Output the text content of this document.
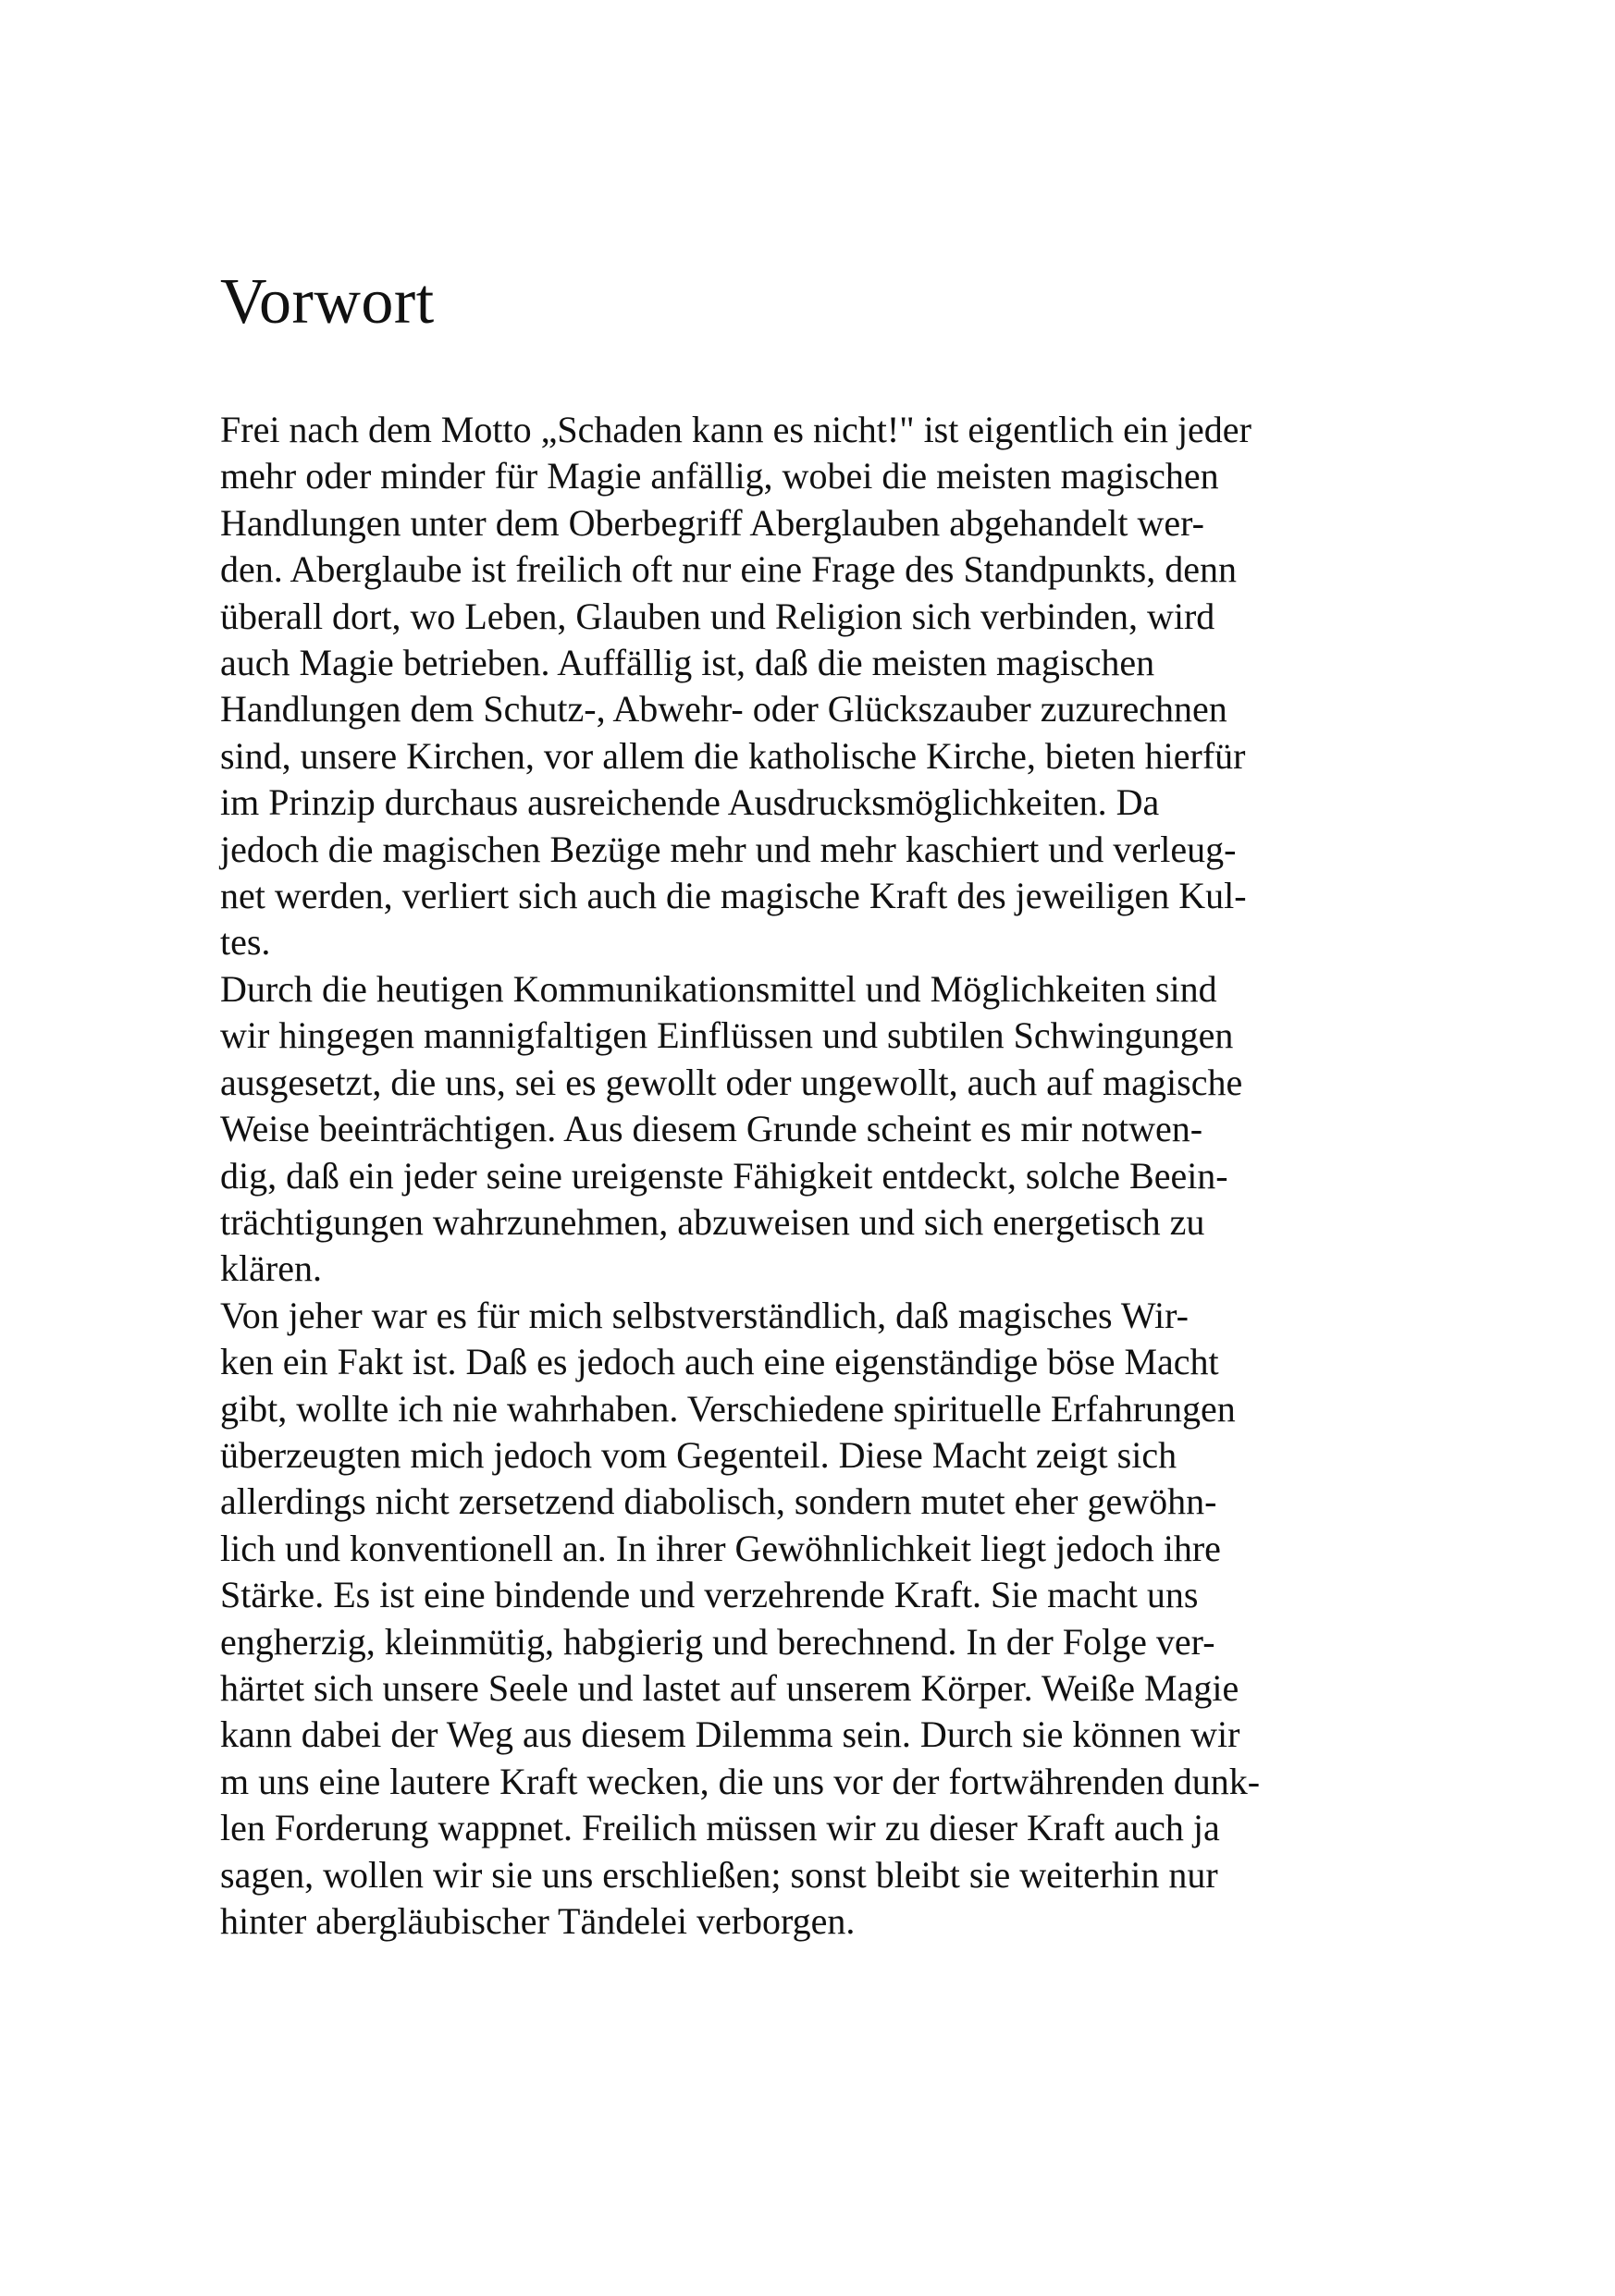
Vorwort
Frei nach dem Motto „Schaden kann es nicht!" ist eigentlich ein jeder
mehr oder minder für Magie anfällig, wobei die meisten magischen
Handlungen unter dem Oberbegriff Aberglauben abgehandelt wer-
den. Aberglaube ist freilich oft nur eine Frage des Standpunkts, denn
überall dort, wo Leben, Glauben und Religion sich verbinden, wird
auch Magie betrieben. Auffällig ist, daß die meisten magischen
Handlungen dem Schutz-, Abwehr- oder Glückszauber zuzurechnen
sind, unsere Kirchen, vor allem die katholische Kirche, bieten hierfür
im Prinzip durchaus ausreichende Ausdrucksmöglichkeiten. Da
jedoch die magischen Bezüge mehr und mehr kaschiert und verleug-
net werden, verliert sich auch die magische Kraft des jeweiligen Kul-
tes.
Durch die heutigen Kommunikationsmittel und Möglichkeiten sind
wir hingegen mannigfaltigen Einflüssen und subtilen Schwingungen
ausgesetzt, die uns, sei es gewollt oder ungewollt, auch auf magische
Weise beeinträchtigen. Aus diesem Grunde scheint es mir notwen-
dig, daß ein jeder seine ureigenste Fähigkeit entdeckt, solche Beein-
trächtigungen wahrzunehmen, abzuweisen und sich energetisch zu
klären.
Von jeher war es für mich selbstverständlich, daß magisches Wir-
ken ein Fakt ist. Daß es jedoch auch eine eigenständige böse Macht
gibt, wollte ich nie wahrhaben. Verschiedene spirituelle Erfahrungen
überzeugten mich jedoch vom Gegenteil. Diese Macht zeigt sich
allerdings nicht zersetzend diabolisch, sondern mutet eher gewöhn-
lich und konventionell an. In ihrer Gewöhnlichkeit liegt jedoch ihre
Stärke. Es ist eine bindende und verzehrende Kraft. Sie macht uns
engherzig, kleinmütig, habgierig und berechnend. In der Folge ver-
härtet sich unsere Seele und lastet auf unserem Körper. Weiße Magie
kann dabei der Weg aus diesem Dilemma sein. Durch sie können wir
m uns eine lautere Kraft wecken, die uns vor der fortwährenden dunk-
len Forderung wappnet. Freilich müssen wir zu dieser Kraft auch ja
sagen, wollen wir sie uns erschließen; sonst bleibt sie weiterhin nur
hinter abergläubischer Tändelei verborgen.
